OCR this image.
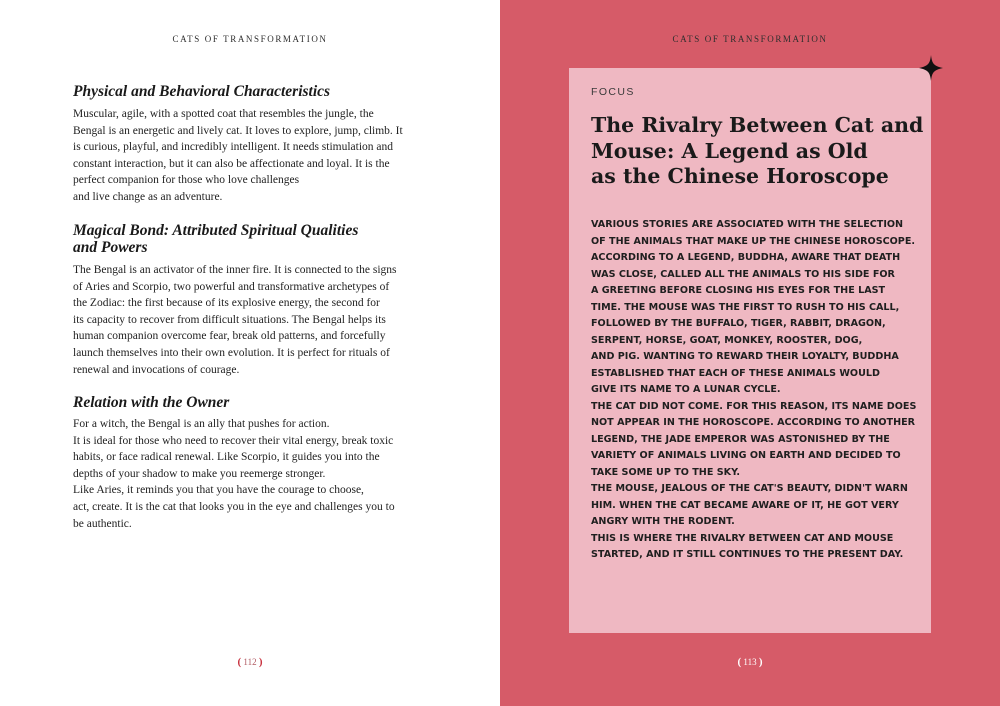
CATS OF TRANSFORMATION
Physical and Behavioral Characteristics
Muscular, agile, with a spotted coat that resembles the jungle, the
Bengal is an energetic and lively cat. It loves to explore, jump, climb. It
is curious, playful, and incredibly intelligent. It needs stimulation and
constant interaction, but it can also be affectionate and loyal. It is the
perfect companion for those who love challenges
and live change as an adventure.
Magical Bond: Attributed Spiritual Qualities
and Powers
The Bengal is an activator of the inner fire. It is connected to the signs
of Aries and Scorpio, two powerful and transformative archetypes of
the Zodiac: the first because of its explosive energy, the second for
its capacity to recover from difficult situations. The Bengal helps its
human companion overcome fear, break old patterns, and forcefully
launch themselves into their own evolution. It is perfect for rituals of
renewal and invocations of courage.
Relation with the Owner
For a witch, the Bengal is an ally that pushes for action.
It is ideal for those who need to recover their vital energy, break toxic
habits, or face radical renewal. Like Scorpio, it guides you into the
depths of your shadow to make you reemerge stronger.
Like Aries, it reminds you that you have the courage to choose,
act, create. It is the cat that looks you in the eye and challenges you to
be authentic.
( 112 )
CATS OF TRANSFORMATION
FOCUS
The Rivalry Between Cat and
Mouse: A Legend as Old
as the Chinese Horoscope
VARIOUS STORIES ARE ASSOCIATED WITH THE SELECTION
OF THE ANIMALS THAT MAKE UP THE CHINESE HOROSCOPE.
ACCORDING TO A LEGEND, BUDDHA, AWARE THAT DEATH
WAS CLOSE, CALLED ALL THE ANIMALS TO HIS SIDE FOR
A GREETING BEFORE CLOSING HIS EYES FOR THE LAST
TIME. THE MOUSE WAS THE FIRST TO RUSH TO HIS CALL,
FOLLOWED BY THE BUFFALO, TIGER, RABBIT, DRAGON,
SERPENT, HORSE, GOAT, MONKEY, ROOSTER, DOG,
AND PIG. WANTING TO REWARD THEIR LOYALTY, BUDDHA
ESTABLISHED THAT EACH OF THESE ANIMALS WOULD
GIVE ITS NAME TO A LUNAR CYCLE.
THE CAT DID NOT COME. FOR THIS REASON, ITS NAME DOES
NOT APPEAR IN THE HOROSCOPE. ACCORDING TO ANOTHER
LEGEND, THE JADE EMPEROR WAS ASTONISHED BY THE
VARIETY OF ANIMALS LIVING ON EARTH AND DECIDED TO
TAKE SOME UP TO THE SKY.
THE MOUSE, JEALOUS OF THE CAT'S BEAUTY, DIDN'T WARN
HIM. WHEN THE CAT BECAME AWARE OF IT, HE GOT VERY
ANGRY WITH THE RODENT.
THIS IS WHERE THE RIVALRY BETWEEN CAT AND MOUSE
STARTED, AND IT STILL CONTINUES TO THE PRESENT DAY.
( 113 )
